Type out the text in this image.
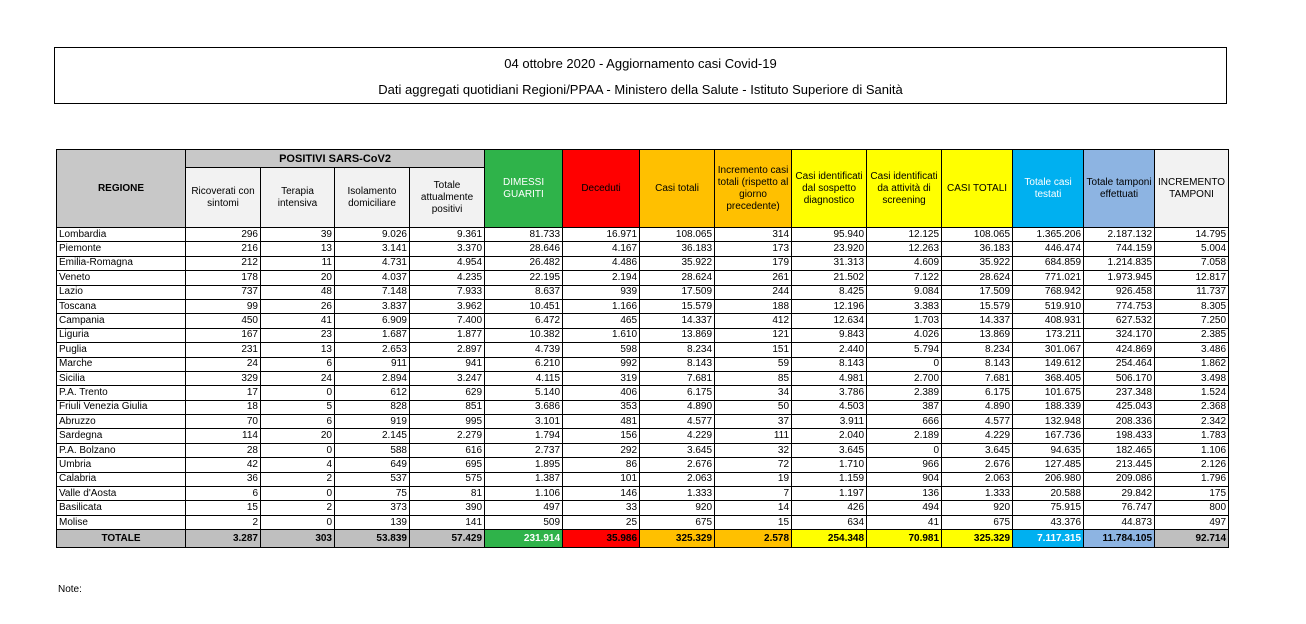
04 ottobre 2020 - Aggiornamento casi Covid-19
Dati aggregati quotidiani Regioni/PPAA - Ministero della Salute - Istituto Superiore di Sanità
REGIONE	POSITIVI SARS-CoV2				DIMESSI GUARITI	Deceduti	Casi totali	Incremento casi totali (rispetto al giorno precedente)	Casi identificati dal sospetto diagnostico	Casi identificati da attività di screening	CASI TOTALI	Totale casi testati	Totale tamponi effettuati	INCREMENTO TAMPONI
	Ricoverati con sintomi	Terapia intensiva	Isolamento domiciliare	Totale attualmente positivi										
Lombardia	296	39	9.026	9.361	81.733	16.971	108.065	314	95.940	12.125	108.065	1.365.206	2.187.132	14.795
Piemonte	216	13	3.141	3.370	28.646	4.167	36.183	173	23.920	12.263	36.183	446.474	744.159	5.004
Emilia-Romagna	212	11	4.731	4.954	26.482	4.486	35.922	179	31.313	4.609	35.922	684.859	1.214.835	7.058
Veneto	178	20	4.037	4.235	22.195	2.194	28.624	261	21.502	7.122	28.624	771.021	1.973.945	12.817
Lazio	737	48	7.148	7.933	8.637	939	17.509	244	8.425	9.084	17.509	768.942	926.458	11.737
Toscana	99	26	3.837	3.962	10.451	1.166	15.579	188	12.196	3.383	15.579	519.910	774.753	8.305
Campania	450	41	6.909	7.400	6.472	465	14.337	412	12.634	1.703	14.337	408.931	627.532	7.250
Liguria	167	23	1.687	1.877	10.382	1.610	13.869	121	9.843	4.026	13.869	173.211	324.170	2.385
Puglia	231	13	2.653	2.897	4.739	598	8.234	151	2.440	5.794	8.234	301.067	424.869	3.486
Marche	24	6	911	941	6.210	992	8.143	59	8.143	0	8.143	149.612	254.464	1.862
Sicilia	329	24	2.894	3.247	4.115	319	7.681	85	4.981	2.700	7.681	368.405	506.170	3.498
P.A. Trento	17	0	612	629	5.140	406	6.175	34	3.786	2.389	6.175	101.675	237.348	1.524
Friuli Venezia Giulia	18	5	828	851	3.686	353	4.890	50	4.503	387	4.890	188.339	425.043	2.368
Abruzzo	70	6	919	995	3.101	481	4.577	37	3.911	666	4.577	132.948	208.336	2.342
Sardegna	114	20	2.145	2.279	1.794	156	4.229	111	2.040	2.189	4.229	167.736	198.433	1.783
P.A. Bolzano	28	0	588	616	2.737	292	3.645	32	3.645	0	3.645	94.635	182.465	1.106
Umbria	42	4	649	695	1.895	86	2.676	72	1.710	966	2.676	127.485	213.445	2.126
Calabria	36	2	537	575	1.387	101	2.063	19	1.159	904	2.063	206.980	209.086	1.796
Valle d'Aosta	6	0	75	81	1.106	146	1.333	7	1.197	136	1.333	20.588	29.842	175
Basilicata	15	2	373	390	497	33	920	14	426	494	920	75.915	76.747	800
Molise	2	0	139	141	509	25	675	15	634	41	675	43.376	44.873	497
TOTALE	3.287	303	53.839	57.429	231.914	35.986	325.329	2.578	254.348	70.981	325.329	7.117.315	11.784.105	92.714
Note:
